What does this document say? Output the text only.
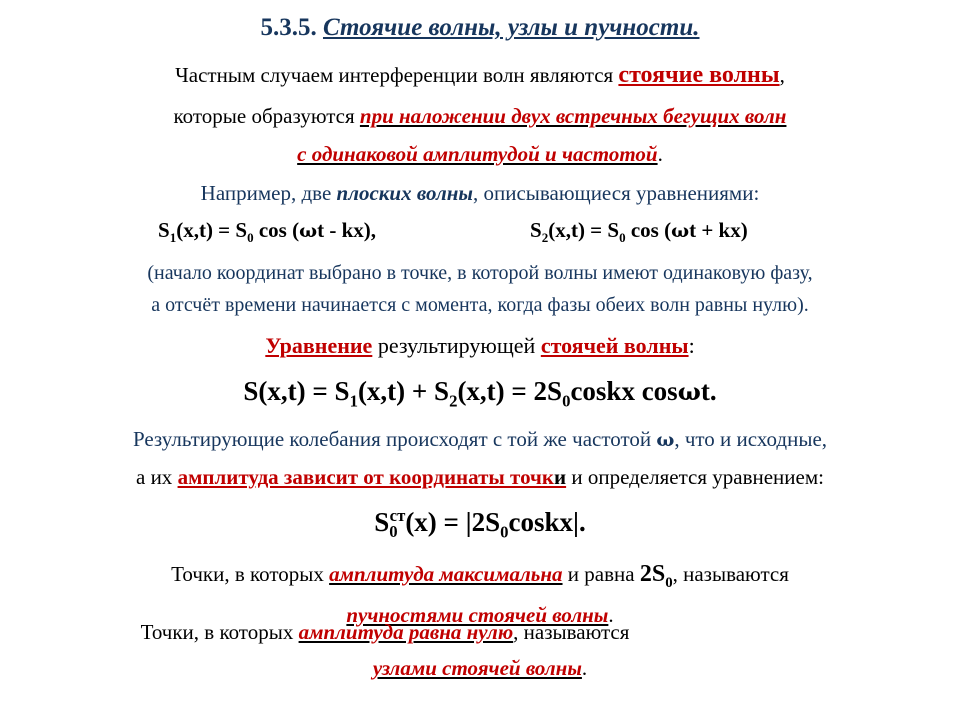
5.3.5. Стоячие волны, узлы и пучности.
Частным случаем интерференции волн являются стоячие волны,
которые образуются при наложении двух встречных бегущих волн
с одинаковой амплитудой и частотой.
Например, две плоских волны, описывающиеся уравнениями:
$S_1(x,t) = S_0$ cos (ωt - kx),	$S_2(x,t) = S_0$ cos (ωt + kx)
(начало координат выбрано в точке, в которой волны имеют одинаковую фазу,
а отсчёт времени начинается с момента, когда фазы обеих волн равны нулю).
Уравнение результирующей стоячей волны:
$S(x,t) = S_1(x,t) + S_2(x,t)$ = $2S_0coskx$ cosωt.
Результирующие колебания происходят с той же частотой ω, что и исходные,
а их амплитуда зависит от координаты точки и определяется уравнением:
$S_0^{ст}(x)$ = $|2S_0coskx|$.
Точки, в которых амплитуда максимальна и равна $2S_0$, называются
пучностями стоячей волны.
Точки, в которых амплитуда равна нулю, называются
узлами стоячей волны.
